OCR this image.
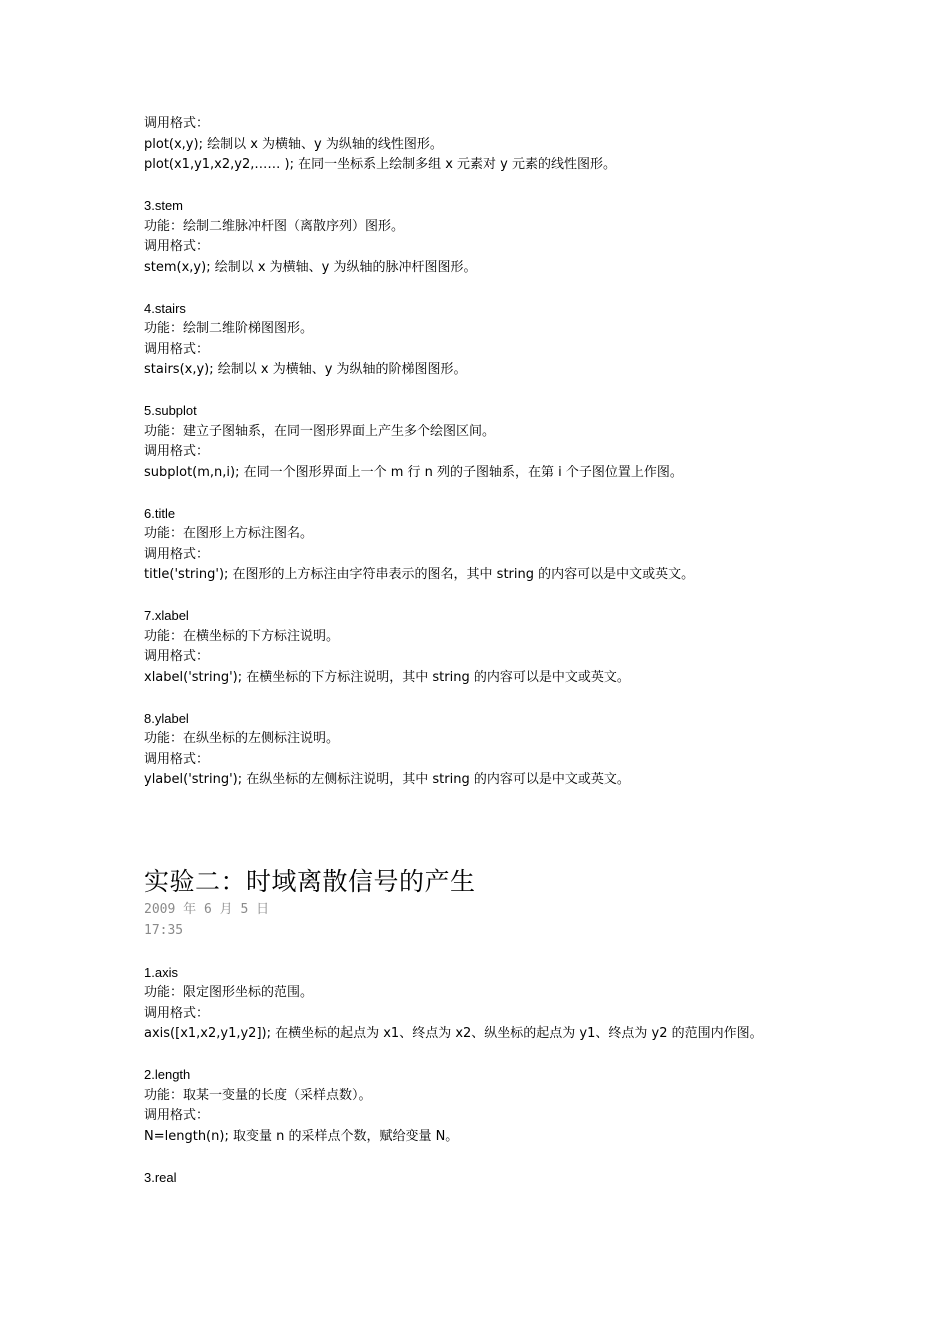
调用格式：
plot(x,y); 绘制以 x 为横轴、y 为纵轴的线性图形。
plot(x1,y1,x2,y2,…… ); 在同一坐标系上绘制多组 x 元素对 y 元素的线性图形。
3.stem
功能：绘制二维脉冲杆图（离散序列）图形。
调用格式：
stem(x,y); 绘制以 x 为横轴、y 为纵轴的脉冲杆图图形。
4.stairs
功能：绘制二维阶梯图图形。
调用格式：
stairs(x,y); 绘制以 x 为横轴、y 为纵轴的阶梯图图形。
5.subplot
功能：建立子图轴系，在同一图形界面上产生多个绘图区间。
调用格式：
subplot(m,n,i); 在同一个图形界面上一个 m 行 n 列的子图轴系，在第 i 个子图位置上作图。
6.title
功能：在图形上方标注图名。
调用格式：
title('string'); 在图形的上方标注由字符串表示的图名，其中 string 的内容可以是中文或英文。
7.xlabel
功能：在横坐标的下方标注说明。
调用格式：
xlabel('string'); 在横坐标的下方标注说明，其中 string 的内容可以是中文或英文。
8.ylabel
功能：在纵坐标的左侧标注说明。
调用格式：
ylabel('string'); 在纵坐标的左侧标注说明，其中 string 的内容可以是中文或英文。
实验二：时域离散信号的产生
2009 年 6 月 5 日
17:35
1.axis
功能：限定图形坐标的范围。
调用格式：
axis([x1,x2,y1,y2]); 在横坐标的起点为 x1、终点为 x2、纵坐标的起点为 y1、终点为 y2 的范围内作图。
2.length
功能：取某一变量的长度（采样点数）。
调用格式：
N=length(n); 取变量 n 的采样点个数，赋给变量 N。
3.real
